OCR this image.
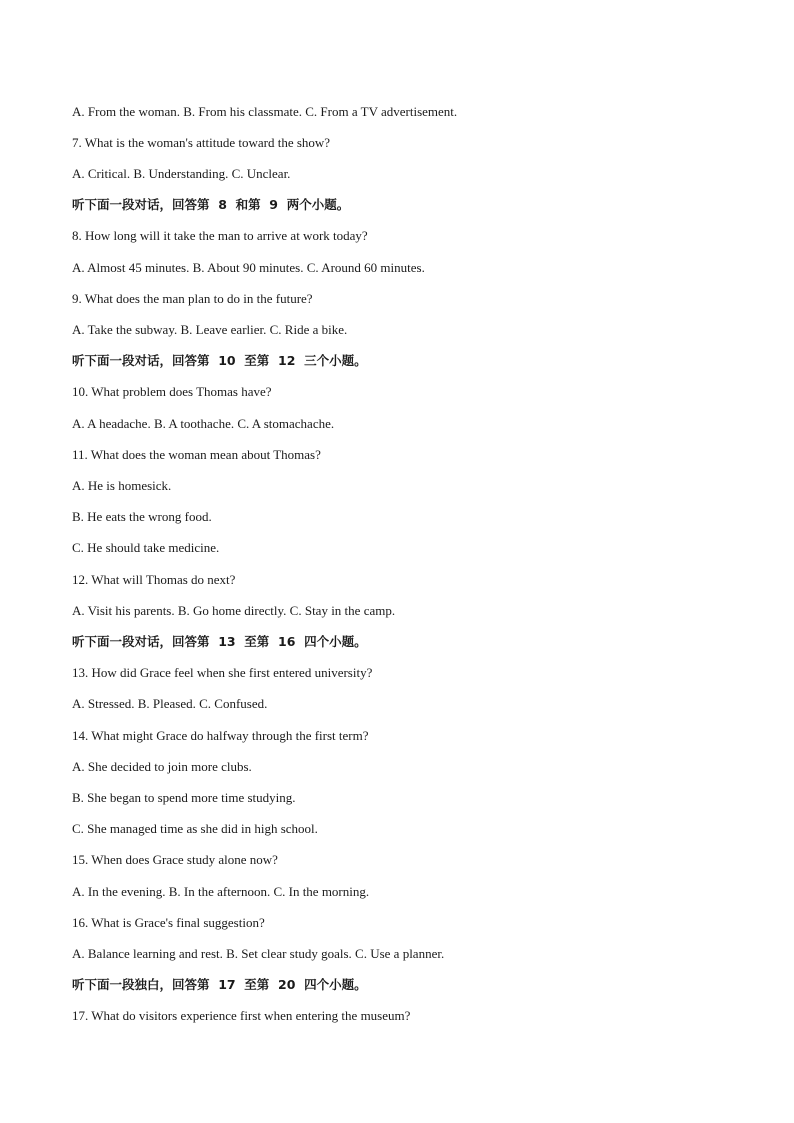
A. From the woman. B. From his classmate. C. From a TV advertisement.
7. What is the woman's attitude toward the show?
A. Critical. B. Understanding. C. Unclear.
听下面一段对话，回答第  8  和第  9  两个小题。
8. How long will it take the man to arrive at work today?
A. Almost 45 minutes. B. About 90 minutes. C. Around 60 minutes.
9. What does the man plan to do in the future?
A. Take the subway. B. Leave earlier. C. Ride a bike.
听下面一段对话，回答第  10  至第  12  三个小题。
10. What problem does Thomas have?
A. A headache. B. A toothache. C. A stomachache.
11. What does the woman mean about Thomas?
A. He is homesick.
B. He eats the wrong food.
C. He should take medicine.
12. What will Thomas do next?
A. Visit his parents. B. Go home directly. C. Stay in the camp.
听下面一段对话，回答第  13  至第  16  四个小题。
13. How did Grace feel when she first entered university?
A. Stressed. B. Pleased. C. Confused.
14. What might Grace do halfway through the first term?
A. She decided to join more clubs.
B. She began to spend more time studying.
C. She managed time as she did in high school.
15. When does Grace study alone now?
A. In the evening. B. In the afternoon. C. In the morning.
16. What is Grace's final suggestion?
A. Balance learning and rest. B. Set clear study goals. C. Use a planner.
听下面一段独白，回答第  17  至第  20  四个小题。
17. What do visitors experience first when entering the museum?
